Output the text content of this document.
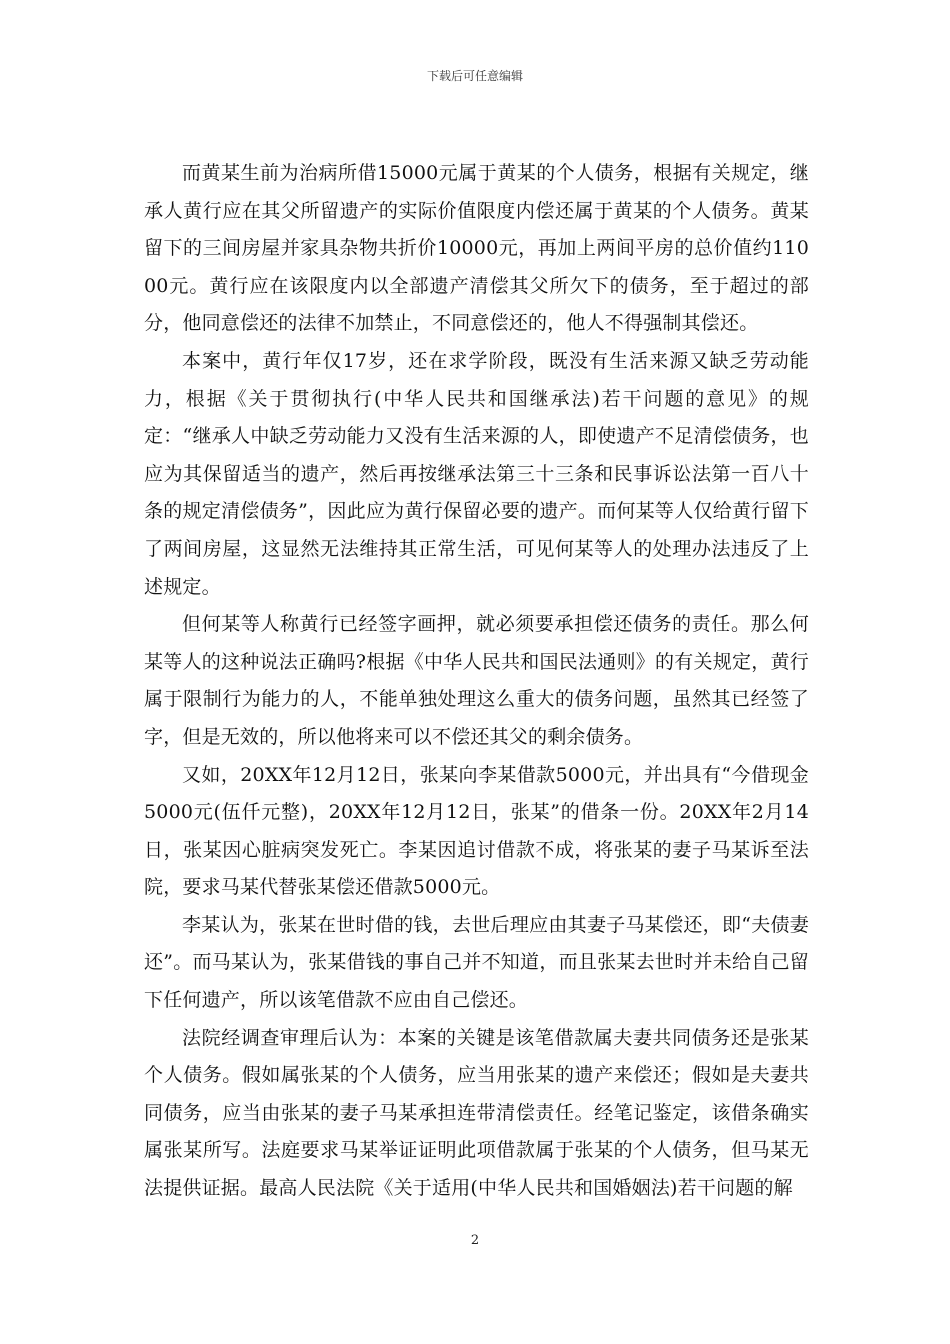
下载后可任意编辑

而黄某生前为治病所借15000元属于黄某的个人债务，根据有关规定，继承人黄行应在其父所留遗产的实际价值限度内偿还属于黄某的个人债务。黄某留下的三间房屋并家具杂物共折价10000元，再加上两间平房的总价值约11000元。黄行应在该限度内以全部遗产清偿其父所欠下的债务，至于超过的部分，他同意偿还的法律不加禁止，不同意偿还的，他人不得强制其偿还。

本案中，黄行年仅17岁，还在求学阶段，既没有生活来源又缺乏劳动能力，根据《关于贯彻执行(中华人民共和国继承法)若干问题的意见》的规定：“继承人中缺乏劳动能力又没有生活来源的人，即使遗产不足清偿债务，也应为其保留适当的遗产，然后再按继承法第三十三条和民事诉讼法第一百八十条的规定清偿债务”，因此应为黄行保留必要的遗产。而何某等人仅给黄行留下了两间房屋，这显然无法维持其正常生活，可见何某等人的处理办法违反了上述规定。

但何某等人称黄行已经签字画押，就必须要承担偿还债务的责任。那么何某等人的这种说法正确吗?根据《中华人民共和国民法通则》的有关规定，黄行属于限制行为能力的人，不能单独处理这么重大的债务问题，虽然其已经签了字，但是无效的，所以他将来可以不偿还其父的剩余债务。

又如，20XX年12月12日，张某向李某借款5000元，并出具有“今借现金5000元(伍仟元整)，20XX年12月12日，张某”的借条一份。20XX年2月14日，张某因心脏病突发死亡。李某因追讨借款不成，将张某的妻子马某诉至法院，要求马某代替张某偿还借款5000元。

李某认为，张某在世时借的钱，去世后理应由其妻子马某偿还，即“夫债妻还”。而马某认为，张某借钱的事自己并不知道，而且张某去世时并未给自己留下任何遗产，所以该笔借款不应由自己偿还。

法院经调查审理后认为：本案的关键是该笔借款属夫妻共同债务还是张某个人债务。假如属张某的个人债务，应当用张某的遗产来偿还；假如是夫妻共同债务，应当由张某的妻子马某承担连带清偿责任。经笔记鉴定，该借条确实属张某所写。法庭要求马某举证证明此项借款属于张某的个人债务，但马某无法提供证据。最高人民法院《关于适用(中华人民共和国婚姻法)若干问题的解

2
